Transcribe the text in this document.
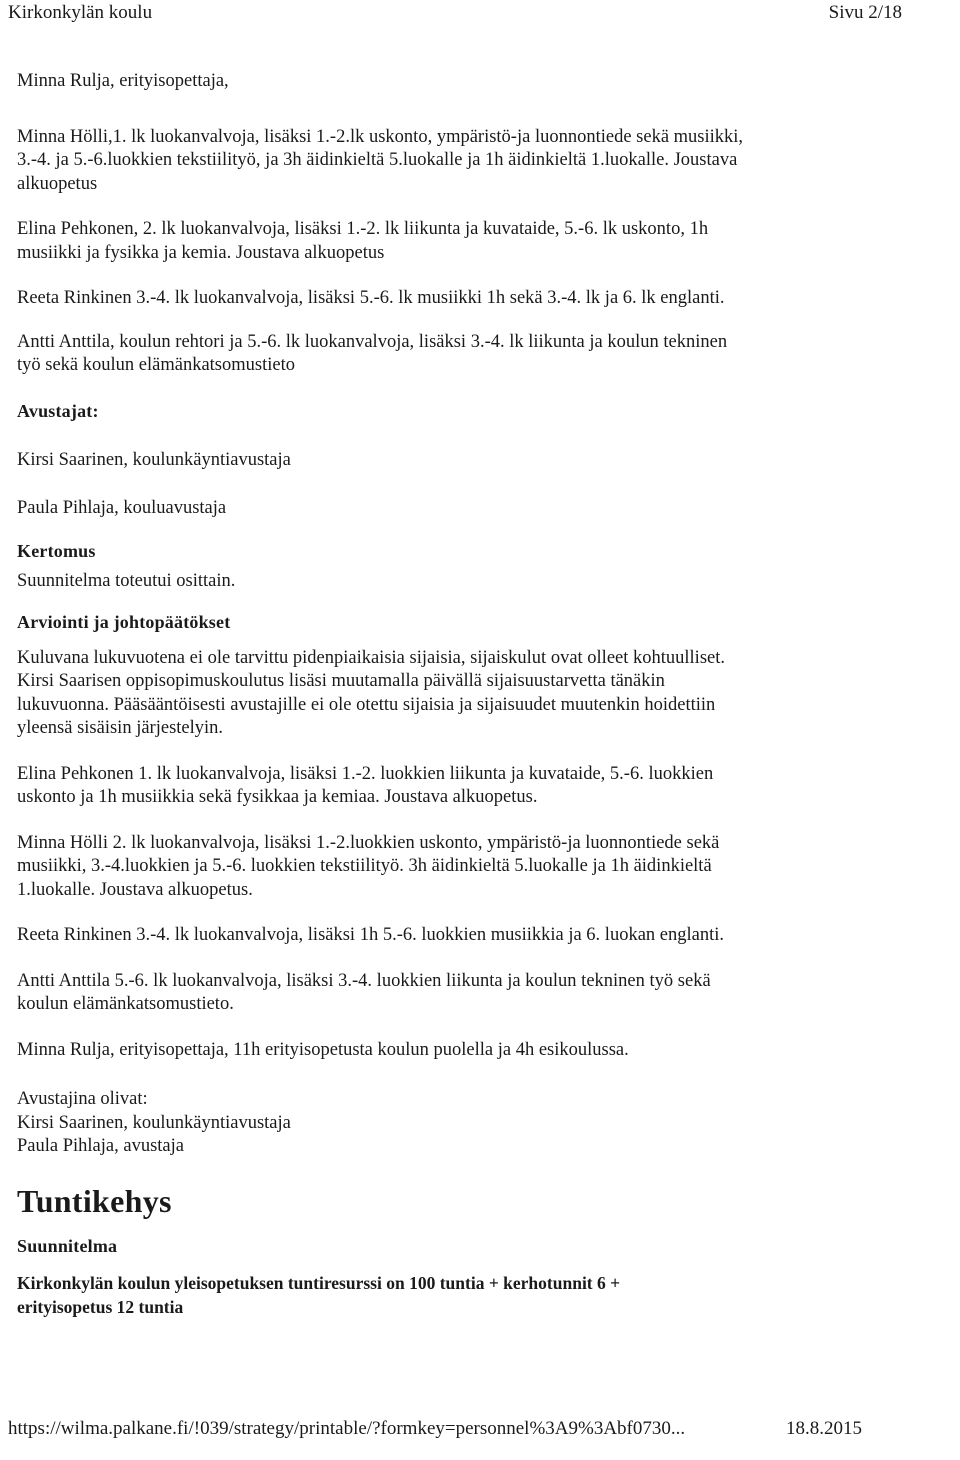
Kirkonkylän koulu	Sivu 2/18
Minna Rulja, erityisopettaja,
Minna Hölli,1. lk luokanvalvoja, lisäksi 1.-2.lk uskonto, ympäristö-ja luonnontiede sekä musiikki,
3.-4. ja 5.-6.luokkien tekstiilityö, ja 3h äidinkieltä 5.luokalle ja 1h äidinkieltä 1.luokalle. Joustava
alkuopetus
Elina Pehkonen, 2. lk luokanvalvoja, lisäksi 1.-2. lk liikunta ja kuvataide, 5.-6. lk uskonto, 1h
musiikki ja fysikka ja kemia. Joustava alkuopetus
Reeta Rinkinen 3.-4. lk luokanvalvoja, lisäksi 5.-6. lk musiikki 1h sekä 3.-4. lk ja 6. lk englanti.
Antti Anttila, koulun rehtori ja 5.-6. lk luokanvalvoja, lisäksi 3.-4. lk liikunta ja koulun tekninen
työ sekä koulun elämänkatsomustieto
Avustajat:
Kirsi Saarinen, koulunkäyntiavustaja
Paula Pihlaja, kouluavustaja
Kertomus
Suunnitelma toteutui osittain.
Arviointi ja johtopäätökset
Kuluvana lukuvuotena ei ole tarvittu pidenpiaikaisia sijaisia, sijaiskulut ovat olleet kohtuulliset.
Kirsi Saarisen oppisopimuskoulutus lisäsi muutamalla päivällä sijaisuustarvetta tänäkin
lukuvuonna. Pääsääntöisesti avustajille ei ole otettu sijaisia ja sijaisuudet muutenkin hoidettiin
yleensä sisäisin järjestelyin.
Elina Pehkonen 1. lk luokanvalvoja, lisäksi 1.-2. luokkien liikunta ja kuvataide, 5.-6. luokkien
uskonto ja 1h musiikkia sekä fysikkaa ja kemiaa. Joustava alkuopetus.
Minna Hölli 2. lk luokanvalvoja, lisäksi 1.-2.luokkien uskonto, ympäristö-ja luonnontiede sekä
musiikki, 3.-4.luokkien ja 5.-6. luokkien tekstiilityö. 3h äidinkieltä 5.luokalle ja 1h äidinkieltä
1.luokalle. Joustava alkuopetus.
Reeta Rinkinen 3.-4. lk luokanvalvoja, lisäksi 1h 5.-6. luokkien musiikkia ja 6. luokan englanti.
Antti Anttila 5.-6. lk luokanvalvoja, lisäksi 3.-4. luokkien liikunta ja koulun tekninen työ sekä
koulun elämänkatsomustieto.
Minna Rulja, erityisopettaja, 11h erityisopetusta koulun puolella ja 4h esikoulussa.
Avustajina olivat:
Kirsi Saarinen, koulunkäyntiavustaja
Paula Pihlaja, avustaja
Tuntikehys
Suunnitelma
Kirkonkylän koulun yleisopetuksen tuntiresurssi on 100 tuntia + kerhotunnit 6 +
erityisopetus 12 tuntia
https://wilma.palkane.fi/!039/strategy/printable/?formkey=personnel%3A9%3Abf0730...	18.8.2015
